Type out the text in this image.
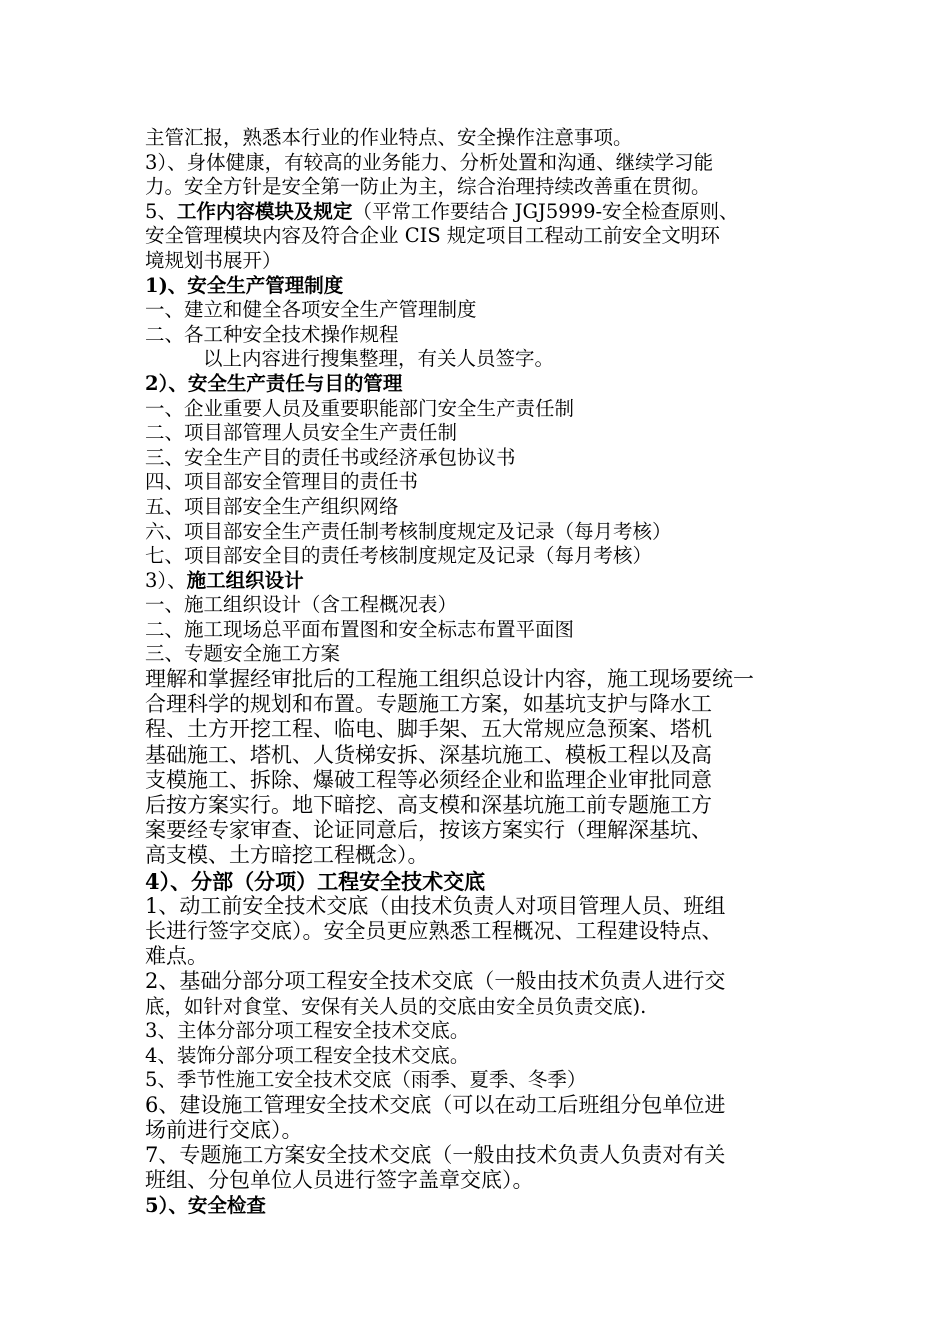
主管汇报，熟悉本行业的作业特点、安全操作注意事项。
3）、身体健康，有较高的业务能力、分析处置和沟通、继续学习能
力。安全方针是安全第一防止为主，综合治理持续改善重在贯彻。
5、工作内容模块及规定（平常工作要结合 JGJ5999-安全检查原则、
安全管理模块内容及符合企业 CIS 规定项目工程动工前安全文明环
境规划书展开）
1)、安全生产管理制度
一、建立和健全各项安全生产管理制度
二、各工种安全技术操作规程
以上内容进行搜集整理，有关人员签字。
2）、安全生产责任与目的管理
一、企业重要人员及重要职能部门安全生产责任制
二、项目部管理人员安全生产责任制
三、安全生产目的责任书或经济承包协议书
四、项目部安全管理目的责任书
五、项目部安全生产组织网络
六、项目部安全生产责任制考核制度规定及记录（每月考核）
七、项目部安全目的责任考核制度规定及记录（每月考核）
3）、施工组织设计
一、施工组织设计（含工程概况表）
二、施工现场总平面布置图和安全标志布置平面图
三、专题安全施工方案
理解和掌握经审批后的工程施工组织总设计内容，施工现场要统一
合理科学的规划和布置。专题施工方案，如基坑支护与降水工
程、土方开挖工程、临电、脚手架、五大常规应急预案、塔机
基础施工、塔机、人货梯安拆、深基坑施工、模板工程以及高
支模施工、拆除、爆破工程等必须经企业和监理企业审批同意
后按方案实行。地下暗挖、高支模和深基坑施工前专题施工方
案要经专家审查、论证同意后，按该方案实行（理解深基坑、
高支模、土方暗挖工程概念）。
4）、分部（分项）工程安全技术交底
1、动工前安全技术交底（由技术负责人对项目管理人员、班组
长进行签字交底）。安全员更应熟悉工程概况、工程建设特点、
难点。
2、基础分部分项工程安全技术交底（一般由技术负责人进行交
底，如针对食堂、安保有关人员的交底由安全员负责交底).
3、主体分部分项工程安全技术交底。
4、装饰分部分项工程安全技术交底。
5、季节性施工安全技术交底（雨季、夏季、冬季）
6、建设施工管理安全技术交底（可以在动工后班组分包单位进
场前进行交底）。
7、专题施工方案安全技术交底（一般由技术负责人负责对有关
班组、分包单位人员进行签字盖章交底）。
5）、安全检查
